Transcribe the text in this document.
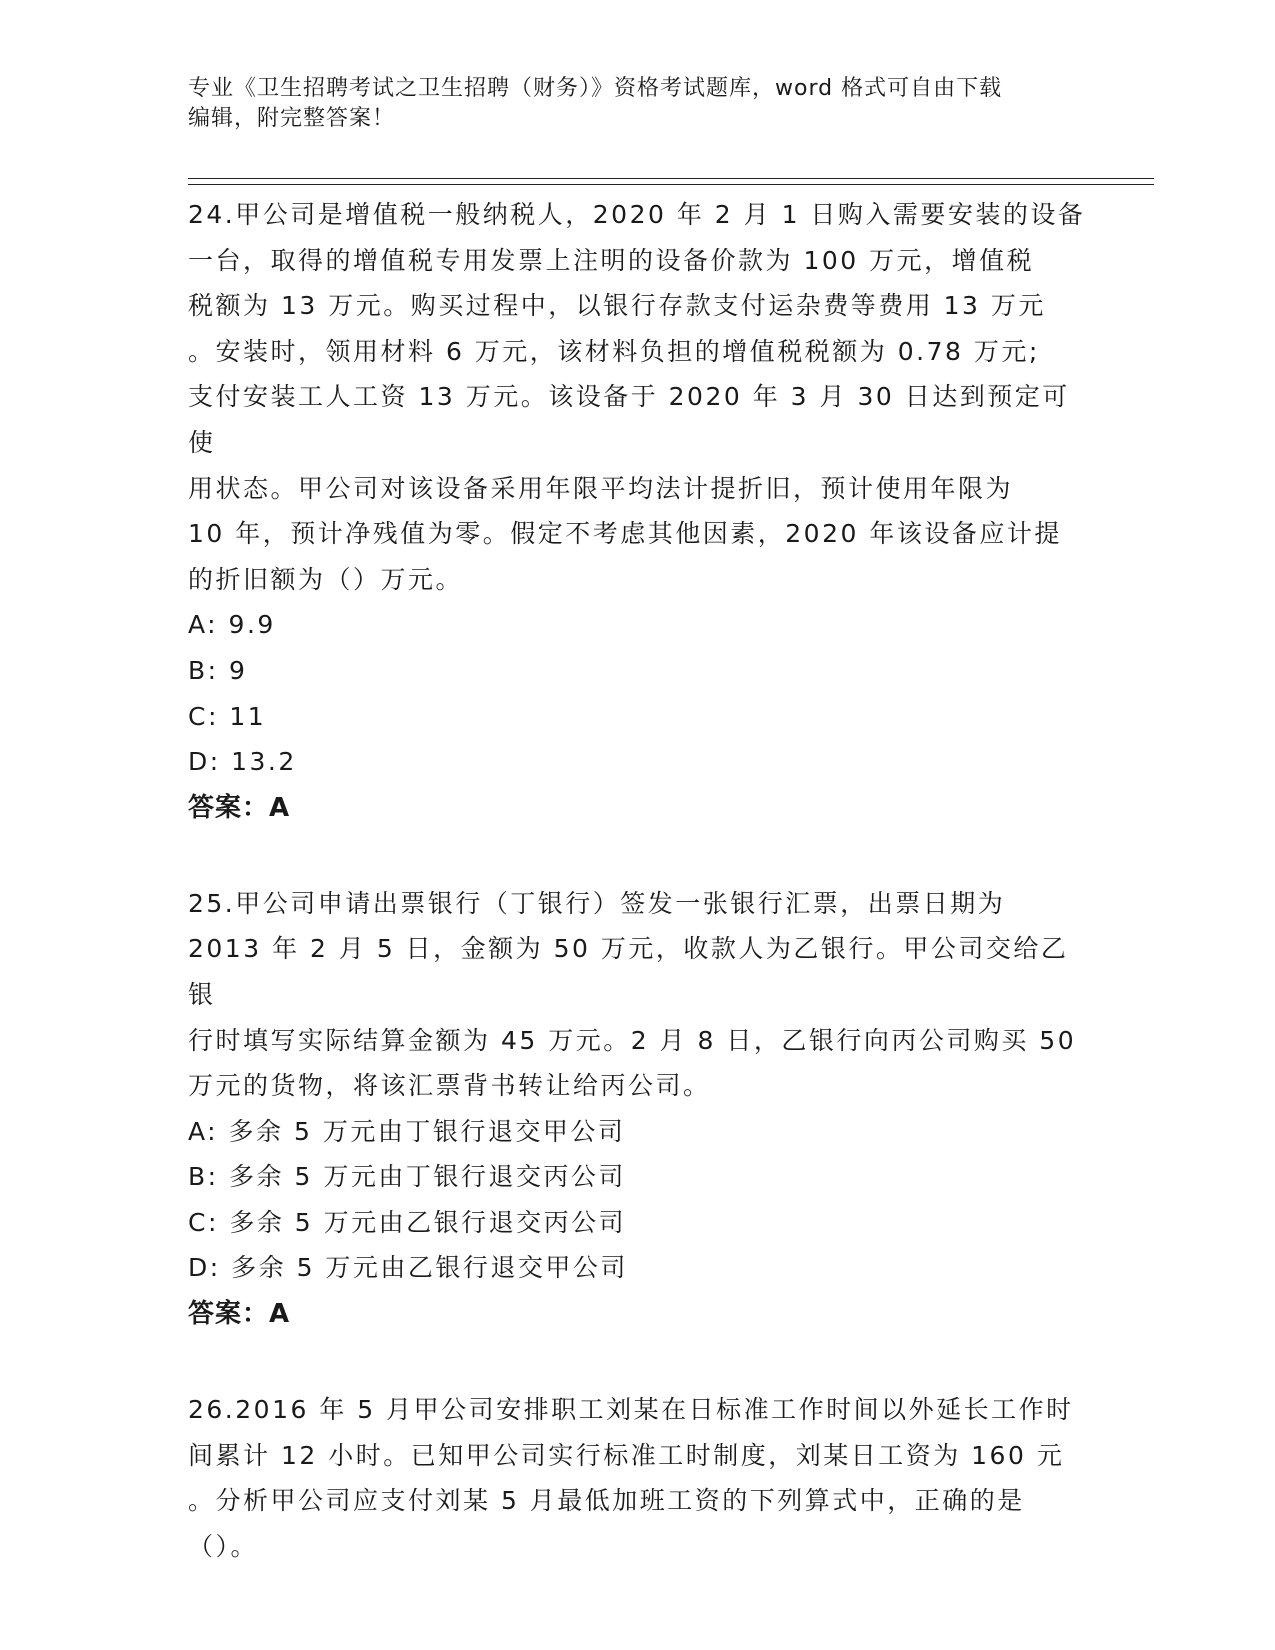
专业《卫生招聘考试之卫生招聘（财务）》资格考试题库，word 格式可自由下载
编辑，附完整答案！

24.甲公司是增值税一般纳税人，2020 年 2 月 1 日购入需要安装的设备
一台，取得的增值税专用发票上注明的设备价款为 100 万元，增值税
税额为 13 万元。购买过程中，以银行存款支付运杂费等费用 13 万元
。安装时，领用材料 6 万元，该材料负担的增值税税额为 0.78 万元;
支付安装工人工资 13 万元。该设备于 2020 年 3 月 30 日达到预定可使
用状态。甲公司对该设备采用年限平均法计提折旧，预计使用年限为
10 年，预计净残值为零。假定不考虑其他因素，2020 年该设备应计提
的折旧额为（）万元。

A: 9.9

B: 9

C: 11

D: 13.2

答案：A

25.甲公司申请出票银行（丁银行）签发一张银行汇票，出票日期为
2013 年 2 月 5 日，金额为 50 万元，收款人为乙银行。甲公司交给乙银
行时填写实际结算金额为 45 万元。2 月 8 日，乙银行向丙公司购买 50
万元的货物，将该汇票背书转让给丙公司。

A: 多余 5 万元由丁银行退交甲公司

B: 多余 5 万元由丁银行退交丙公司

C: 多余 5 万元由乙银行退交丙公司

D: 多余 5 万元由乙银行退交甲公司

答案：A

26.2016 年 5 月甲公司安排职工刘某在日标准工作时间以外延长工作时
间累计 12 小时。已知甲公司实行标准工时制度，刘某日工资为 160 元
。分析甲公司应支付刘某 5 月最低加班工资的下列算式中，正确的是
（）。
